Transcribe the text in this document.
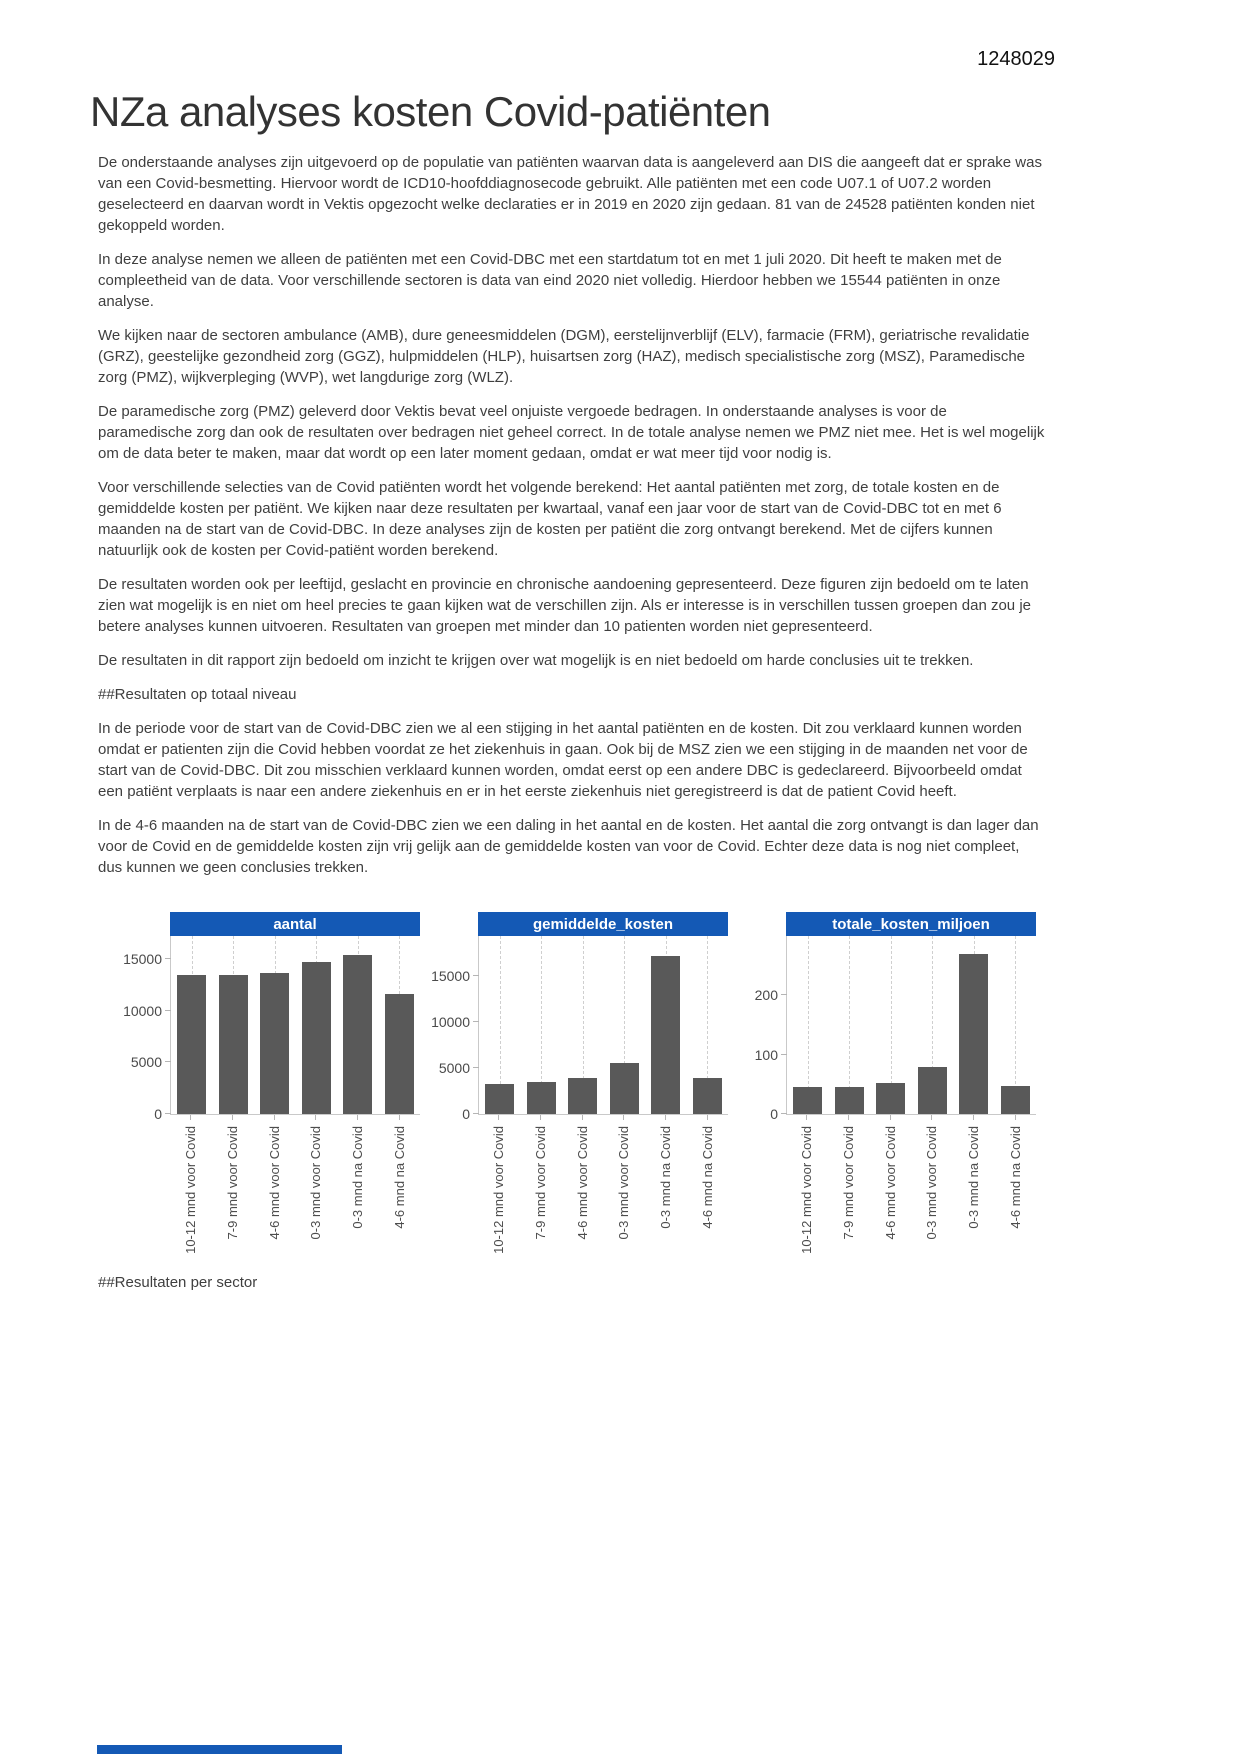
1248029
NZa analyses kosten Covid-patiënten

De onderstaande analyses zijn uitgevoerd op de populatie van patiënten waarvan data is aangeleverd aan DIS die aangeeft dat er sprake was van een Covid-besmetting. Hiervoor wordt de ICD10-hoofddiagnosecode gebruikt. Alle patiënten met een code U07.1 of U07.2 worden geselecteerd en daarvan wordt in Vektis opgezocht welke declaraties er in 2019 en 2020 zijn gedaan. 81 van de 24528 patiënten konden niet gekoppeld worden.

In deze analyse nemen we alleen de patiënten met een Covid-DBC met een startdatum tot en met 1 juli 2020. Dit heeft te maken met de compleetheid van de data. Voor verschillende sectoren is data van eind 2020 niet volledig. Hierdoor hebben we 15544 patiënten in onze analyse.

We kijken naar de sectoren ambulance (AMB), dure geneesmiddelen (DGM), eerstelijnverblijf (ELV), farmacie (FRM), geriatrische revalidatie (GRZ), geestelijke gezondheid zorg (GGZ), hulpmiddelen (HLP), huisartsen zorg (HAZ), medisch specialistische zorg (MSZ), Paramedische zorg (PMZ), wijkverpleging (WVP), wet langdurige zorg (WLZ).

De paramedische zorg (PMZ) geleverd door Vektis bevat veel onjuiste vergoede bedragen. In onderstaande analyses is voor de paramedische zorg dan ook de resultaten over bedragen niet geheel correct. In de totale analyse nemen we PMZ niet mee. Het is wel mogelijk om de data beter te maken, maar dat wordt op een later moment gedaan, omdat er wat meer tijd voor nodig is.

Voor verschillende selecties van de Covid patiënten wordt het volgende berekend: Het aantal patiënten met zorg, de totale kosten en de gemiddelde kosten per patiënt. We kijken naar deze resultaten per kwartaal, vanaf een jaar voor de start van de Covid-DBC tot en met 6 maanden na de start van de Covid-DBC. In deze analyses zijn de kosten per patiënt die zorg ontvangt berekend. Met de cijfers kunnen natuurlijk ook de kosten per Covid-patiënt worden berekend.

De resultaten worden ook per leeftijd, geslacht en provincie en chronische aandoening gepresenteerd. Deze figuren zijn bedoeld om te laten zien wat mogelijk is en niet om heel precies te gaan kijken wat de verschillen zijn. Als er interesse is in verschillen tussen groepen dan zou je betere analyses kunnen uitvoeren. Resultaten van groepen met minder dan 10 patienten worden niet gepresenteerd.

De resultaten in dit rapport zijn bedoeld om inzicht te krijgen over wat mogelijk is en niet bedoeld om harde conclusies uit te trekken.

##Resultaten op totaal niveau

In de periode voor de start van de Covid-DBC zien we al een stijging in het aantal patiënten en de kosten. Dit zou verklaard kunnen worden omdat er patienten zijn die Covid hebben voordat ze het ziekenhuis in gaan. Ook bij de MSZ zien we een stijging in de maanden net voor de start van de Covid-DBC. Dit zou misschien verklaard kunnen worden, omdat eerst op een andere DBC is gedeclareerd. Bijvoorbeeld omdat een patiënt verplaats is naar een andere ziekenhuis en er in het eerste ziekenhuis niet geregistreerd is dat de patient Covid heeft.

In de 4-6 maanden na de start van de Covid-DBC zien we een daling in het aantal en de kosten. Het aantal die zorg ontvangt is dan lager dan voor de Covid en de gemiddelde kosten zijn vrij gelijk aan de gemiddelde kosten van voor de Covid. Echter deze data is nog niet compleet, dus kunnen we geen conclusies trekken.

0
5000
10000
15000
aantal
10-12 mnd voor Covid 7-9 mnd voor Covid 4-6 mnd voor Covid 0-3 mnd voor Covid 0-3 mnd na Covid 4-6 mnd na Covid
0
5000
10000
15000
gemiddelde_kosten
10-12 mnd voor Covid 7-9 mnd voor Covid 4-6 mnd voor Covid 0-3 mnd voor Covid 0-3 mnd na Covid 4-6 mnd na Covid
0
100
200
totale_kosten_miljoen
10-12 mnd voor Covid 7-9 mnd voor Covid 4-6 mnd voor Covid 0-3 mnd voor Covid 0-3 mnd na Covid 4-6 mnd na Covid

##Resultaten per sector
